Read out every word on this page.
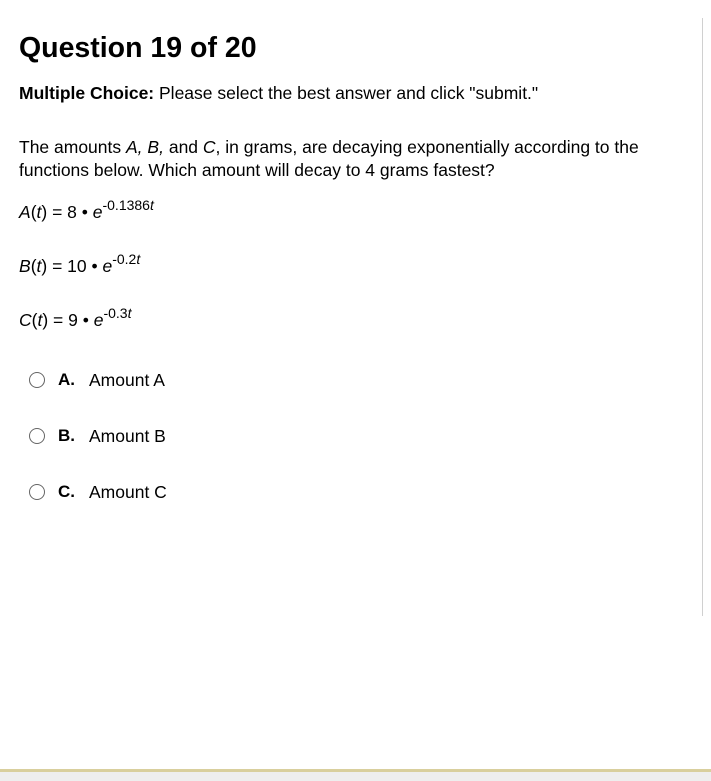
Question 19 of 20

Multiple Choice: Please select the best answer and click "submit."

The amounts A, B, and C, in grams, are decaying exponentially according to the functions below. Which amount will decay to 4 grams fastest?

A(t) = 8 • $e^{-0.1386t}$

B(t) = 10 • $e^{-0.2t}$

C(t) = 9 • $e^{-0.3t}$

A. Amount A
B. Amount B
C. Amount C
